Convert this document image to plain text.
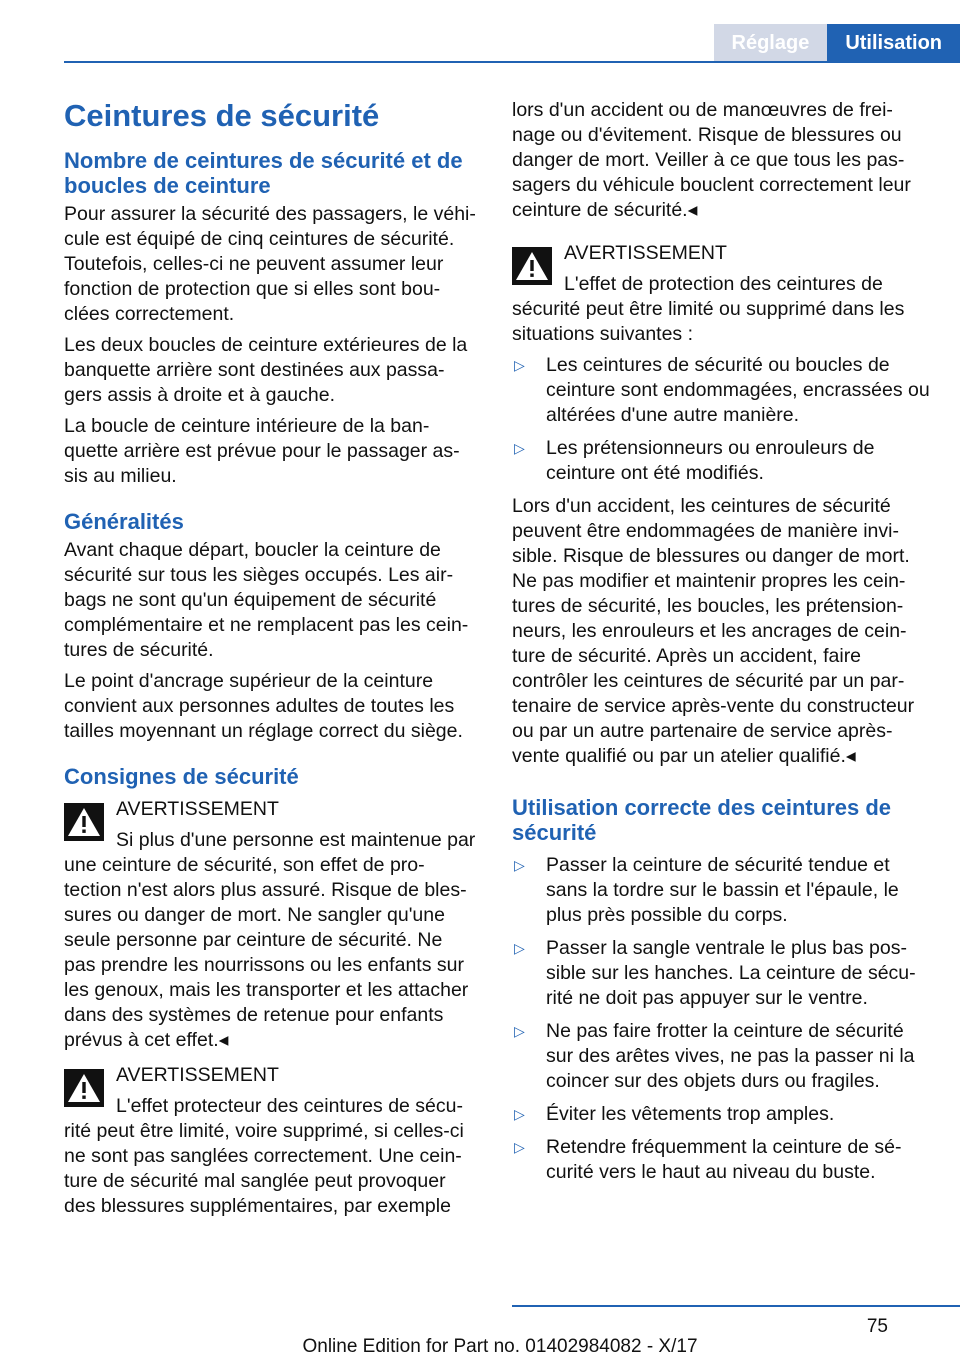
Réglage	Utilisation
Ceintures de sécurité
Nombre de ceintures de sécurité et de boucles de ceinture

Pour assurer la sécurité des passagers, le véhi‐cule est équipé de cinq ceintures de sécurité. Toutefois, celles-ci ne peuvent assumer leur fonction de protection que si elles sont bou‐clées correctement.

Les deux boucles de ceinture extérieures de la banquette arrière sont destinées aux passa‐gers assis à droite et à gauche.

La boucle de ceinture intérieure de la ban‐quette arrière est prévue pour le passager as‐sis au milieu.

Généralités

Avant chaque départ, boucler la ceinture de sécurité sur tous les sièges occupés. Les air‐bags ne sont qu'un équipement de sécurité complémentaire et ne remplacent pas les cein‐tures de sécurité.

Le point d'ancrage supérieur de la ceinture convient aux personnes adultes de toutes les tailles moyennant un réglage correct du siège.

Consignes de sécurité
AVERTISSEMENT

Si plus d'une personne est maintenue par une ceinture de sécurité, son effet de pro‐tection n'est alors plus assuré. Risque de bles‐sures ou danger de mort. Ne sangler qu'une seule personne par ceinture de sécurité. Ne pas prendre les nourrissons ou les enfants sur les genoux, mais les transporter et les attacher dans des systèmes de retenue pour enfants prévus à cet effet.◂

AVERTISSEMENT

L'effet protecteur des ceintures de sécu‐rité peut être limité, voire supprimé, si celles-ci ne sont pas sanglées correctement. Une cein‐ture de sécurité mal sanglée peut provoquer des blessures supplémentaires, par exemple

lors d'un accident ou de manœuvres de frei‐nage ou d'évitement. Risque de blessures ou danger de mort. Veiller à ce que tous les pas‐sagers du véhicule bouclent correctement leur ceinture de sécurité.◂

AVERTISSEMENT

L'effet de protection des ceintures de sécurité peut être limité ou supprimé dans les situations suivantes :

▷ Les ceintures de sécurité ou boucles de ceinture sont endommagées, encrassées ou altérées d'une autre manière.
▷ Les prétensionneurs ou enrouleurs de ceinture ont été modifiés.

Lors d'un accident, les ceintures de sécurité peuvent être endommagées de manière invi‐sible. Risque de blessures ou danger de mort. Ne pas modifier et maintenir propres les cein‐tures de sécurité, les boucles, les prétension‐neurs, les enrouleurs et les ancrages de cein‐ture de sécurité. Après un accident, faire contrôler les ceintures de sécurité par un par‐tenaire de service après-vente du constructeur ou par un autre partenaire de service après-vente qualifié ou par un atelier qualifié.◂

Utilisation correcte des ceintures de sécurité
▷ Passer la ceinture de sécurité tendue et sans la tordre sur le bassin et l'épaule, le plus près possible du corps.
▷ Passer la sangle ventrale le plus bas pos‐sible sur les hanches. La ceinture de sécu‐rité ne doit pas appuyer sur le ventre.
▷ Ne pas faire frotter la ceinture de sécurité sur des arêtes vives, ne pas la passer ni la coincer sur des objets durs ou fragiles.
▷ Éviter les vêtements trop amples.
▷ Retendre fréquemment la ceinture de sé‐curité vers le haut au niveau du buste.
75
Online Edition for Part no. 01402984082 - X/17
